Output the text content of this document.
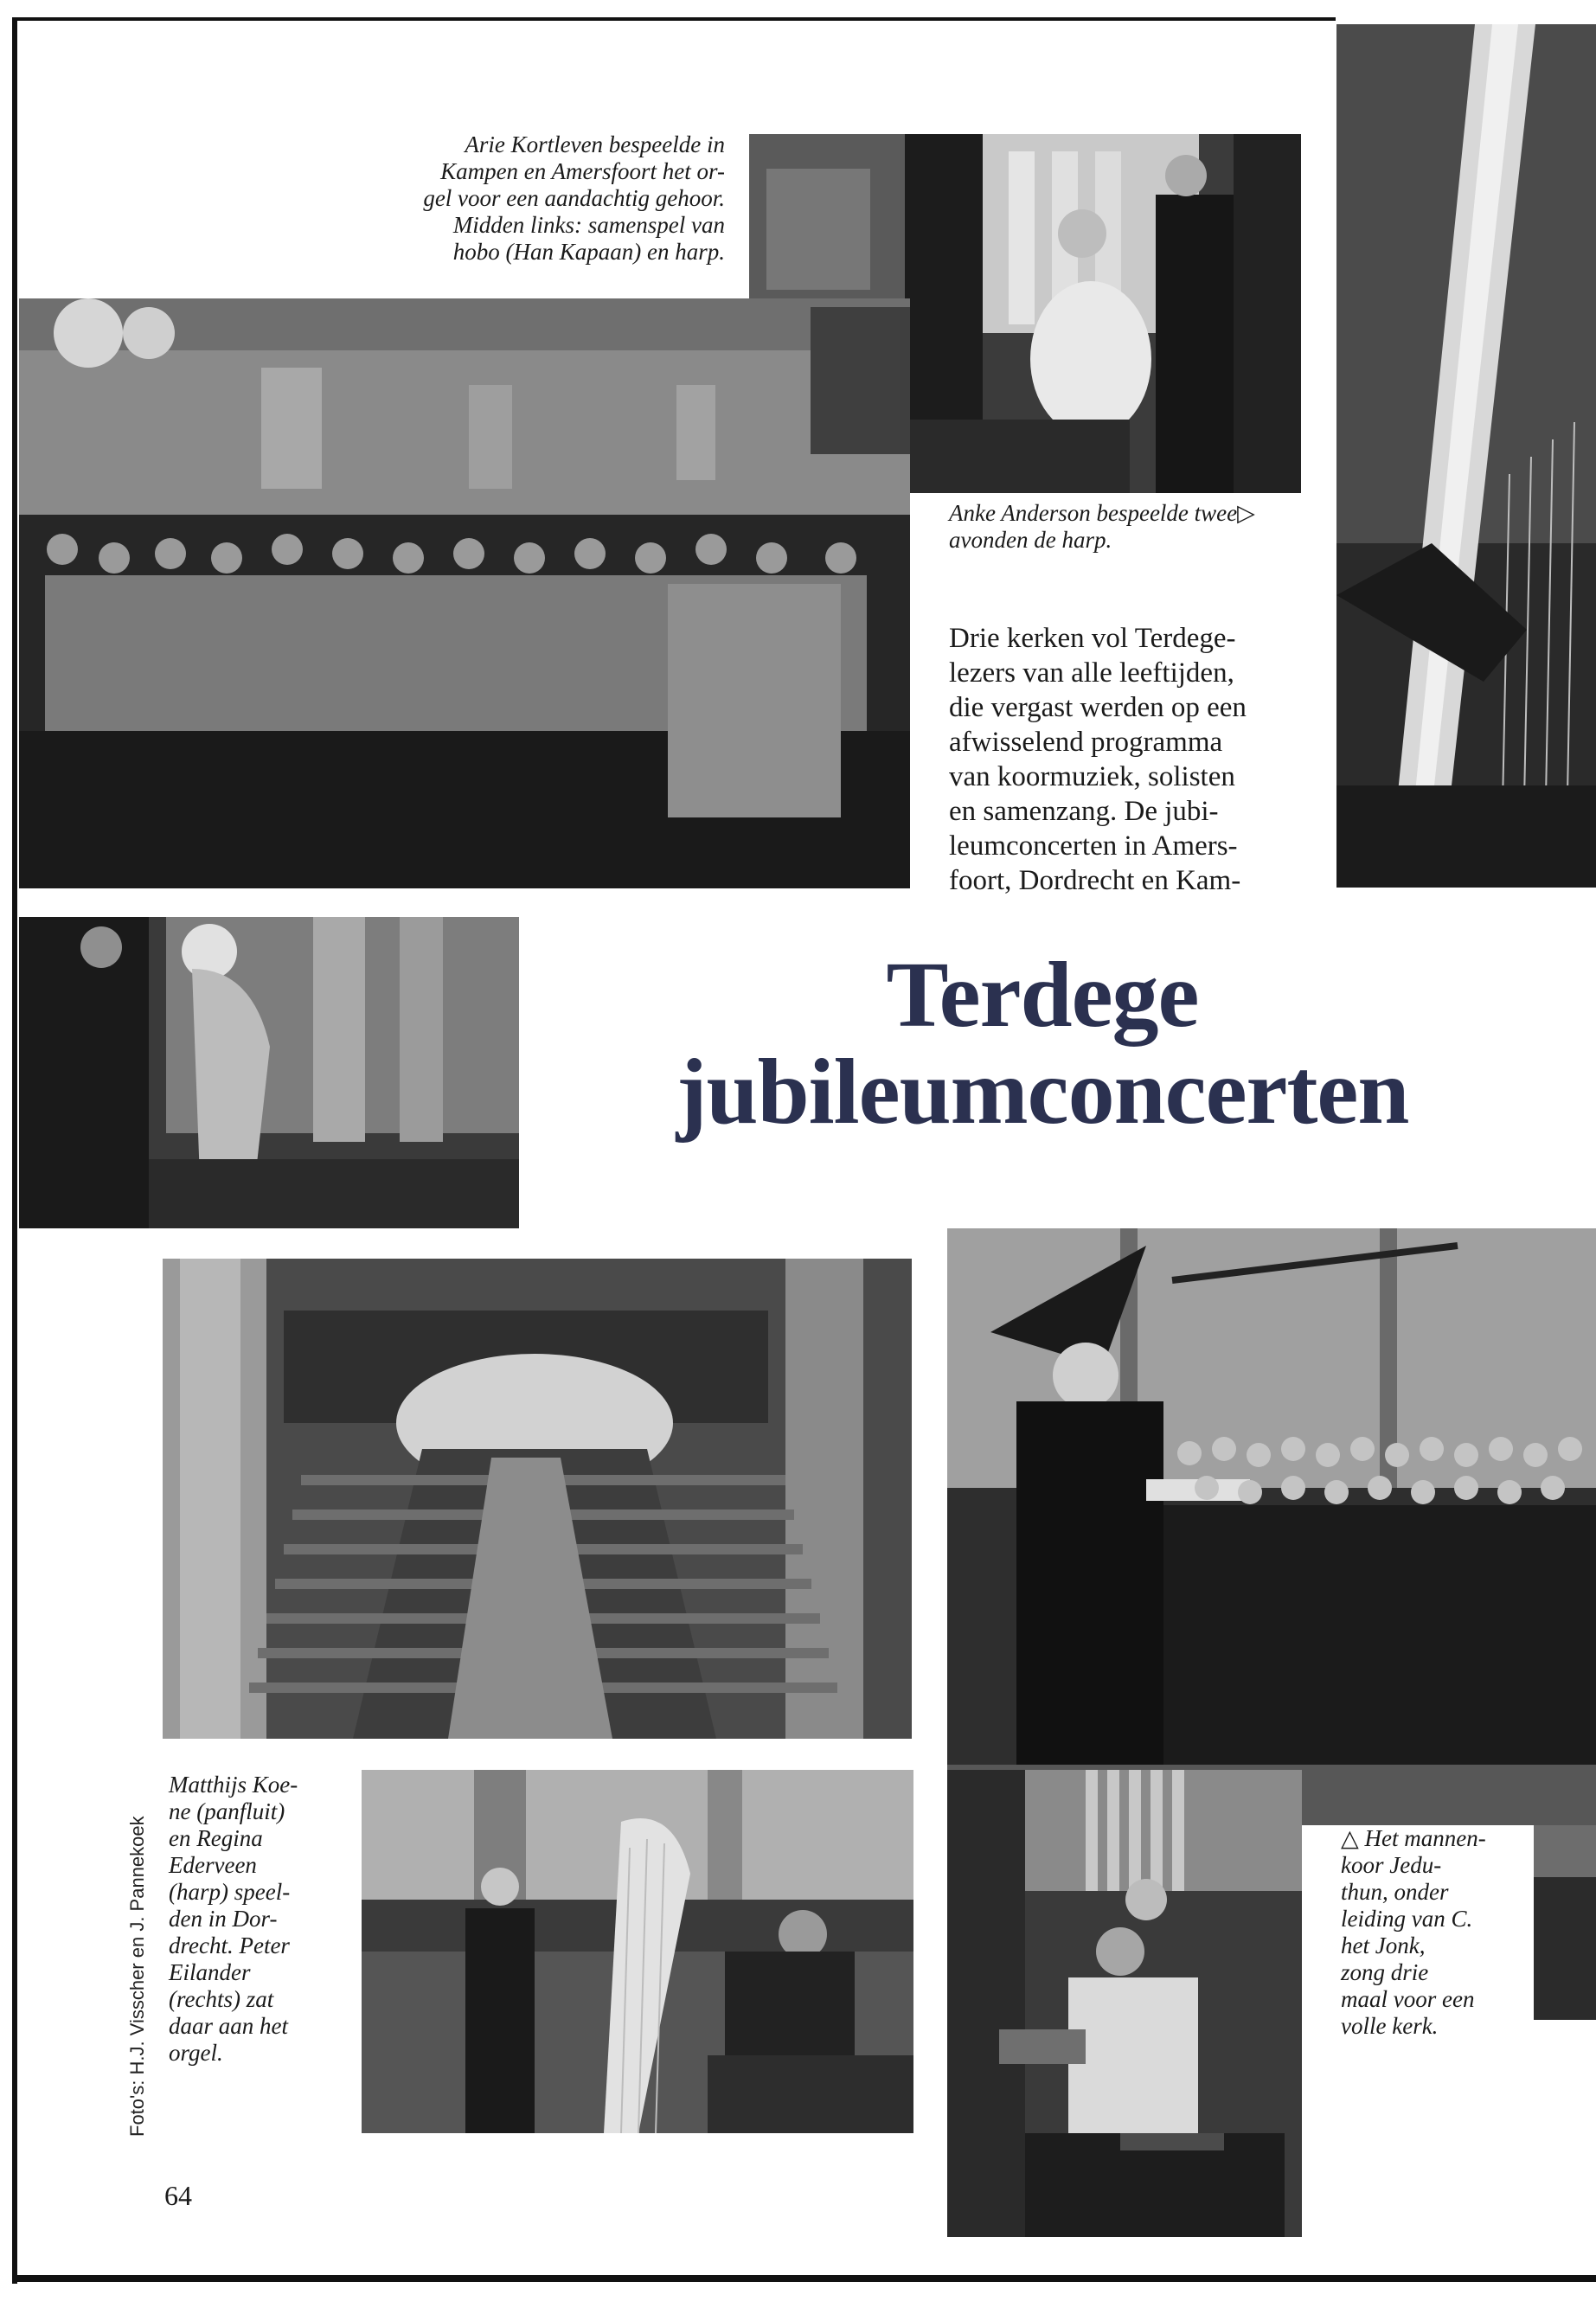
Arie Kortleven bespeelde in
Kampen en Amersfoort het or-
gel voor een aandachtig gehoor.
Midden links: samenspel van
hobo (Han Kapaan) en harp.
Anke Anderson bespeelde twee▷
avonden de harp.
Drie kerken vol Terdege-
lezers van alle leeftijden,
die vergast werden op een
afwisselend programma
van koormuziek, solisten
en samenzang. De jubi-
leumconcerten in Amers-
foort, Dordrecht en Kam-
Terdege
jubileumconcerten
Matthijs Koe-
ne (panfluit)
en Regina
Ederveen
(harp) speel-
den in Dor-
drecht. Peter
Eilander
(rechts) zat
daar aan het
orgel.
△ Het mannen-
koor Jedu-
thun, onder
leiding van C.
het Jonk,
zong drie
maal voor een
volle kerk.
Foto's: H.J. Visscher en J. Pannekoek
64
